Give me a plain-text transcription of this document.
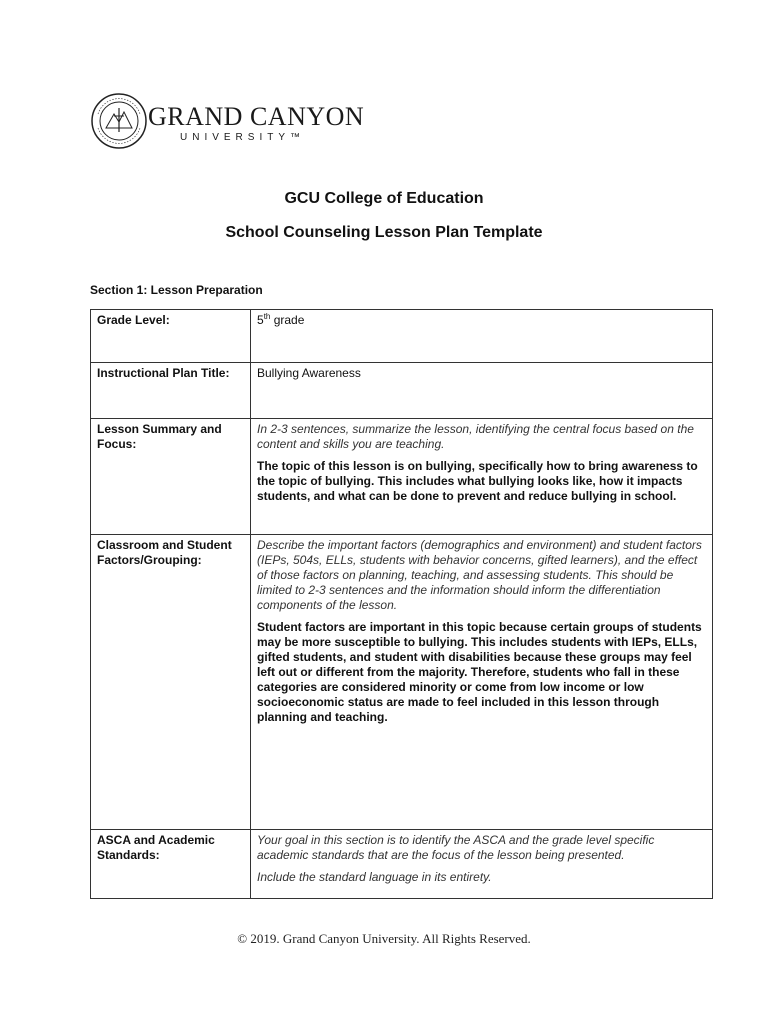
GRAND CANYON
UNIVERSITY™
GCU College of Education
School Counseling Lesson Plan Template
Section 1: Lesson Preparation
Grade Level:	5th grade
Instructional Plan Title:	Bullying Awareness
Lesson Summary and Focus:	In 2-3 sentences, summarize the lesson, identifying the central focus based on the content and skills you are teaching.

The topic of this lesson is on bullying, specifically how to bring awareness to the topic of bullying. This includes what bullying looks like, how it impacts students, and what can be done to prevent and reduce bullying in school.

Classroom and Student Factors/Grouping:	Describe the important factors (demographics and environment) and student factors (IEPs, 504s, ELLs, students with behavior concerns, gifted learners), and the effect of those factors on planning, teaching, and assessing students. This should be limited to 2-3 sentences and the information should inform the differentiation components of the lesson.

Student factors are important in this topic because certain groups of students may be more susceptible to bullying. This includes students with IEPs, ELLs, gifted students, and student with disabilities because these groups may feel left out or different from the majority. Therefore, students who fall in these categories are considered minority or come from low income or low socioeconomic status are made to feel included in this lesson through planning and teaching.

ASCA and Academic Standards:	Your goal in this section is to identify the ASCA and the grade level specific academic standards that are the focus of the lesson being presented.

Include the standard language in its entirety.

© 2019. Grand Canyon University. All Rights Reserved.
